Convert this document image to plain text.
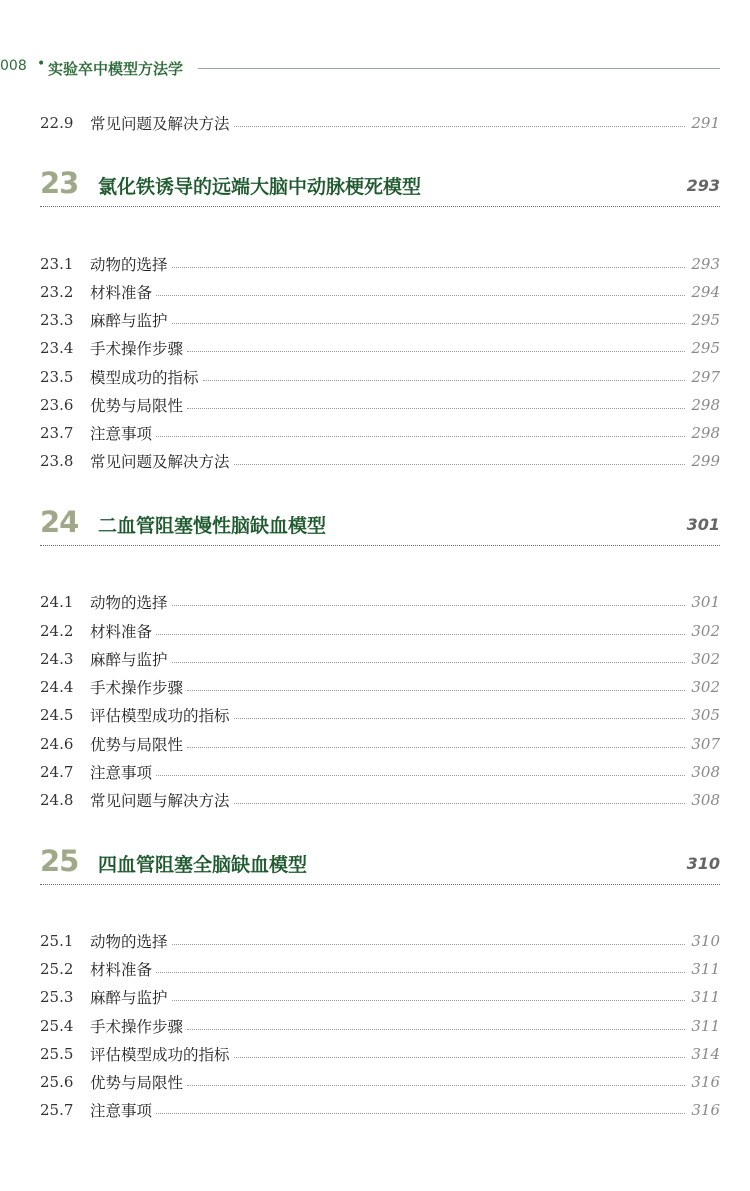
008 • 实验卒中模型方法学
22.9	常见问题及解决方法	291
23 氯化铁诱导的远端大脑中动脉梗死模型	293
23.1	动物的选择	293
23.2	材料准备	294
23.3	麻醉与监护	295
23.4	手术操作步骤	295
23.5	模型成功的指标	297
23.6	优势与局限性	298
23.7	注意事项	298
23.8	常见问题及解决方法	299
24 二血管阻塞慢性脑缺血模型	301
24.1	动物的选择	301
24.2	材料准备	302
24.3	麻醉与监护	302
24.4	手术操作步骤	302
24.5	评估模型成功的指标	305
24.6	优势与局限性	307
24.7	注意事项	308
24.8	常见问题与解决方法	308
25 四血管阻塞全脑缺血模型	310
25.1	动物的选择	310
25.2	材料准备	311
25.3	麻醉与监护	311
25.4	手术操作步骤	311
25.5	评估模型成功的指标	314
25.6	优势与局限性	316
25.7	注意事项	316
